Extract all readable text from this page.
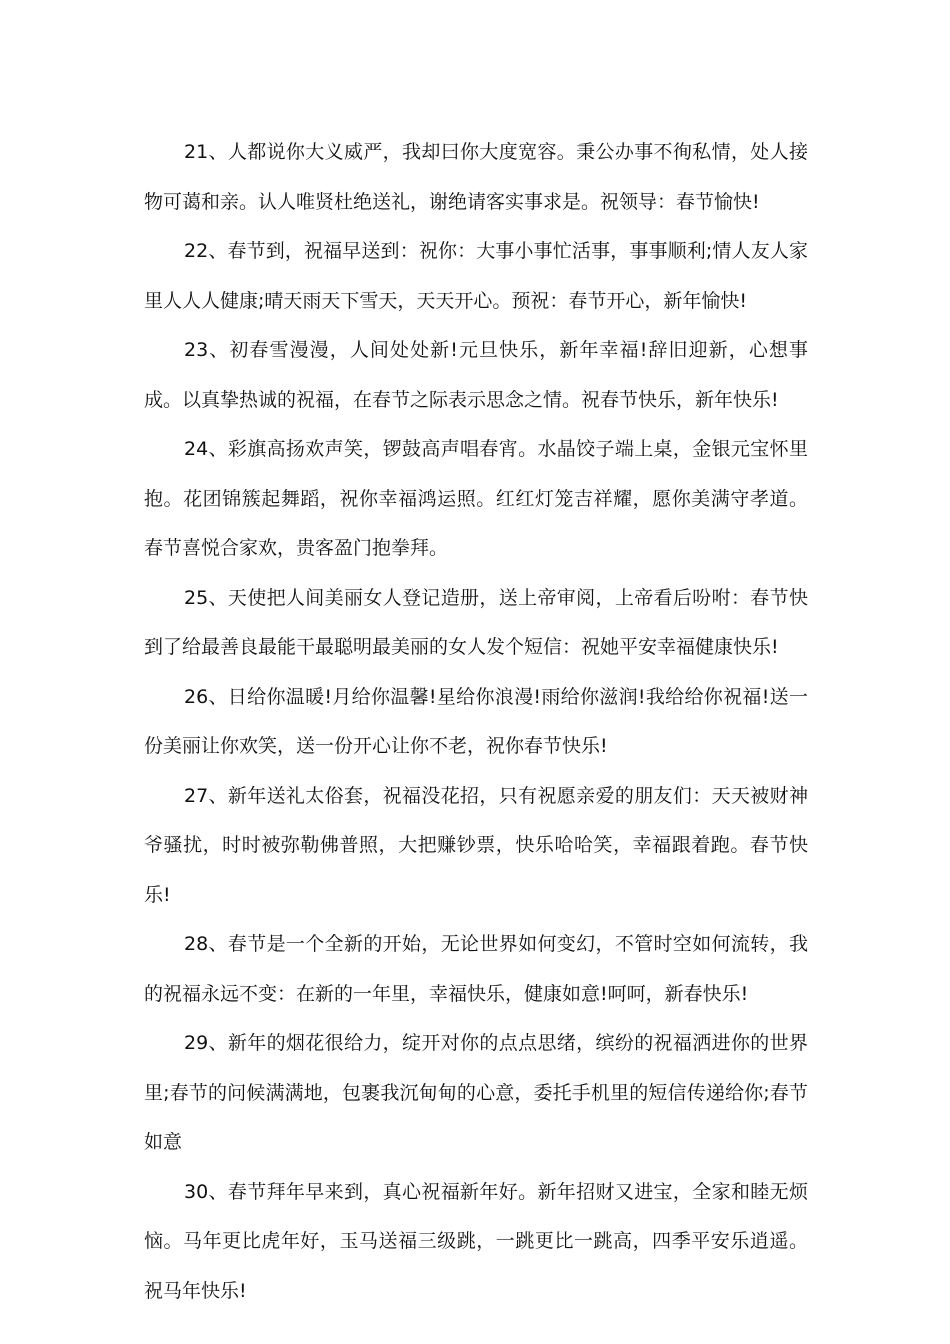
21、人都说你大义威严，我却曰你大度宽容。秉公办事不徇私情，处人接物可蔼和亲。认人唯贤杜绝送礼，谢绝请客实事求是。祝领导：春节愉快!

22、春节到，祝福早送到：祝你：大事小事忙活事，事事顺利;情人友人家里人人人健康;晴天雨天下雪天，天天开心。预祝：春节开心，新年愉快!

23、初春雪漫漫，人间处处新!元旦快乐，新年幸福!辞旧迎新，心想事成。以真挚热诚的祝福，在春节之际表示思念之情。祝春节快乐，新年快乐!

24、彩旗高扬欢声笑，锣鼓高声唱春宵。水晶饺子端上桌，金银元宝怀里抱。花团锦簇起舞蹈，祝你幸福鸿运照。红红灯笼吉祥耀，愿你美满守孝道。春节喜悦合家欢，贵客盈门抱拳拜。

25、天使把人间美丽女人登记造册，送上帝审阅，上帝看后吩咐：春节快到了给最善良最能干最聪明最美丽的女人发个短信：祝她平安幸福健康快乐!

26、日给你温暖!月给你温馨!星给你浪漫!雨给你滋润!我给给你祝福!送一份美丽让你欢笑，送一份开心让你不老，祝你春节快乐!

27、新年送礼太俗套，祝福没花招，只有祝愿亲爱的朋友们：天天被财神爷骚扰，时时被弥勒佛普照，大把赚钞票，快乐哈哈笑，幸福跟着跑。春节快乐!

28、春节是一个全新的开始，无论世界如何变幻，不管时空如何流转，我的祝福永远不变：在新的一年里，幸福快乐，健康如意!呵呵，新春快乐!

29、新年的烟花很给力，绽开对你的点点思绪，缤纷的祝福洒进你的世界里;春节的问候满满地，包裹我沉甸甸的心意，委托手机里的短信传递给你;春节如意

30、春节拜年早来到，真心祝福新年好。新年招财又进宝，全家和睦无烦恼。马年更比虎年好，玉马送福三级跳，一跳更比一跳高，四季平安乐逍遥。祝马年快乐!
